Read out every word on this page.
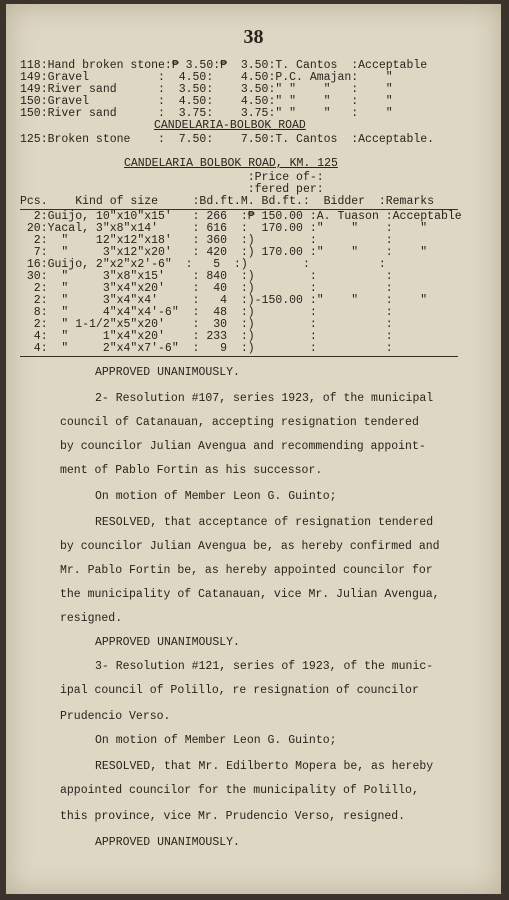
38
118:Hand broken stone:₱ 3.50:₱  3.50:T. Cantos  :Acceptable
149:Gravel          :  4.50:    4.50:P.C. Amajan:    "
149:River sand      :  3.50:    3.50:" "    "   :    "
150:Gravel          :  4.50:    4.50:" "    "   :    "
150:River sand      :  3.75:    3.75:" "    "   :    "
CANDELARIA-BOLBOK ROAD
125:Broken stone    :  7.50:    7.50:T. Cantos  :Acceptable.
CANDELARIA BOLBOK ROAD, KM. 125
:Price of-:
:fered per:
Pcs.    Kind of size     :Bd.ft.M. Bd.ft.:  Bidder  :Remarks
2:Guijo, 10"x10"x15'   : 266  :₱ 150.00 :A. Tuason :Acceptable
20:Yacal, 3"x8"x14'     : 616  :  170.00 :"    "    :    "
2:  "    12"x12"x18'   : 360  :)        :          :
7:  "     3"x12"x20'   : 420  :) 170.00 :"    "    :    "
16:Guijo, 2"x2"x2'-6"  :   5  :)        :          :
30:  "     3"x8"x15'    : 840  :)        :          :
2:  "     3"x4"x20'    :  40  :)        :          :
2:  "     3"x4"x4'     :   4  :)-150.00 :"    "    :    "
8:  "     4"x4"x4'-6"  :  48  :)        :          :
2:  " 1-1/2"x5"x20'    :  30  :)        :          :
4:  "     1"x4"x20'    : 233  :)        :          :
4:  "     2"x4"x7'-6"  :   9  :)        :          :
APPROVED UNANIMOUSLY.
2- Resolution #107, series 1923, of the municipal
council of Catanauan, accepting resignation tendered
by councilor Julian Avengua and recommending appoint-
ment of Pablo Fortin as his successor.
On motion of Member Leon G. Guinto;
RESOLVED, that acceptance of resignation tendered
by councilor Julian Avengua be, as hereby confirmed and
Mr. Pablo Fortin be, as hereby appointed councilor for
the municipality of Catanauan, vice Mr. Julian Avengua,
resigned.
APPROVED UNANIMOUSLY.
3- Resolution #121, series of 1923, of the munic-
ipal council of Polillo, re resignation of councilor
Prudencio Verso.
On motion of Member Leon G. Guinto;
RESOLVED, that Mr. Edilberto Mopera be, as hereby
appointed councilor for the municipality of Polillo,
this province, vice Mr. Prudencio Verso, resigned.
APPROVED UNANIMOUSLY.
